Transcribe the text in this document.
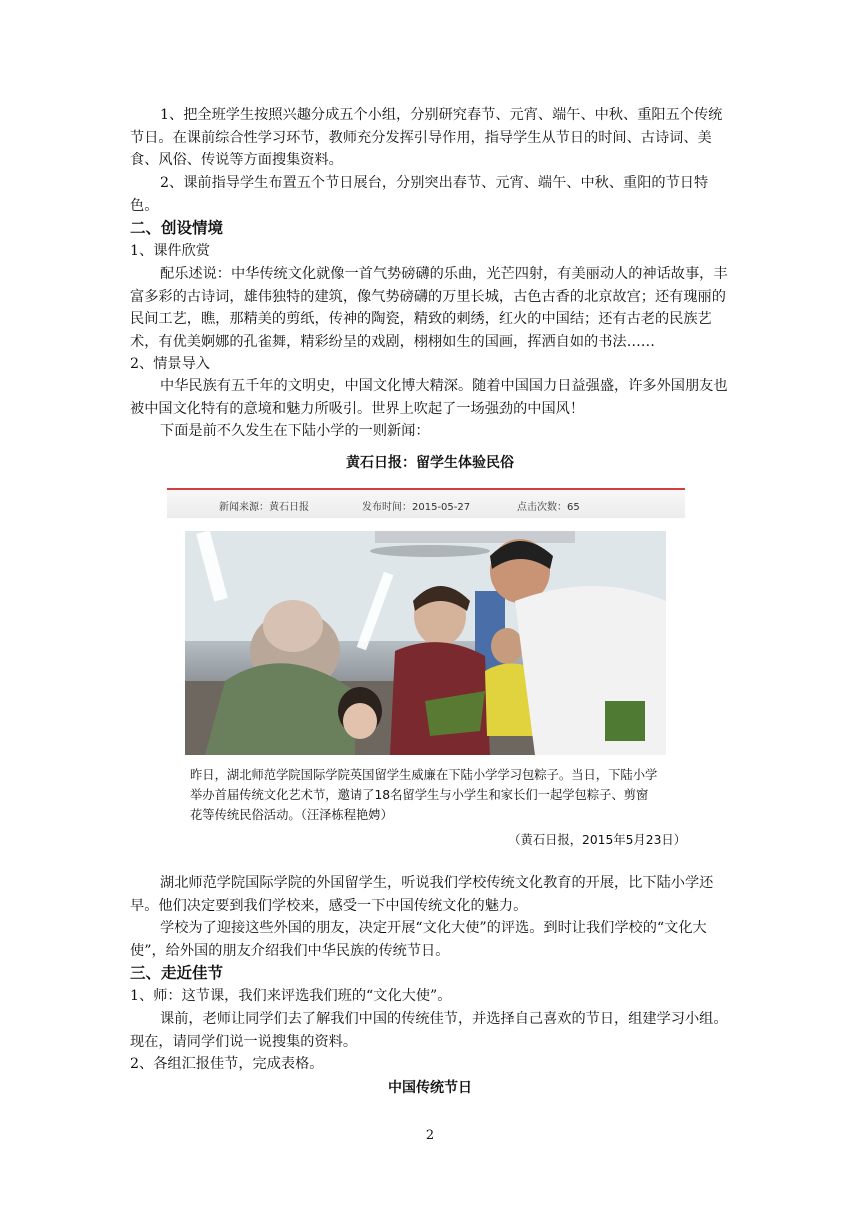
1、把全班学生按照兴趣分成五个小组，分别研究春节、元宵、端午、中秋、重阳五个传统节日。在课前综合性学习环节，教师充分发挥引导作用，指导学生从节日的时间、古诗词、美食、风俗、传说等方面搜集资料。

2、课前指导学生布置五个节日展台，分别突出春节、元宵、端午、中秋、重阳的节日特色。

二、创设情境

1、课件欣赏

配乐述说：中华传统文化就像一首气势磅礴的乐曲，光芒四射，有美丽动人的神话故事，丰富多彩的古诗词，雄伟独特的建筑，像气势磅礴的万里长城，古色古香的北京故宫；还有瑰丽的民间工艺，瞧，那精美的剪纸，传神的陶瓷，精致的刺绣，红火的中国结；还有古老的民族艺术，有优美婀娜的孔雀舞，精彩纷呈的戏剧，栩栩如生的国画，挥洒自如的书法……

2、情景导入

中华民族有五千年的文明史，中国文化博大精深。随着中国国力日益强盛，许多外国朋友也被中国文化特有的意境和魅力所吸引。世界上吹起了一场强劲的中国风！

下面是前不久发生在下陆小学的一则新闻：

黄石日报：留学生体验民俗

新闻来源：黄石日报	发布时间：2015-05-27	点击次数：65

昨日，湖北师范学院国际学院英国留学生威廉在下陆小学学习包粽子。当日，下陆小学举办首届传统文化艺术节，邀请了18名留学生与小学生和家长们一起学包粽子、剪窗花等传统民俗活动。（汪泽栋程艳娉）

（黄石日报，2015年5月23日）

湖北师范学院国际学院的外国留学生，听说我们学校传统文化教育的开展，比下陆小学还早。他们决定要到我们学校来，感受一下中国传统文化的魅力。

学校为了迎接这些外国的朋友，决定开展“文化大使”的评选。到时让我们学校的“文化大使”，给外国的朋友介绍我们中华民族的传统节日。

三、走近佳节

1、师：这节课，我们来评选我们班的“文化大使”。

课前，老师让同学们去了解我们中国的传统佳节，并选择自己喜欢的节日，组建学习小组。现在，请同学们说一说搜集的资料。

2、各组汇报佳节，完成表格。

中国传统节日

2
